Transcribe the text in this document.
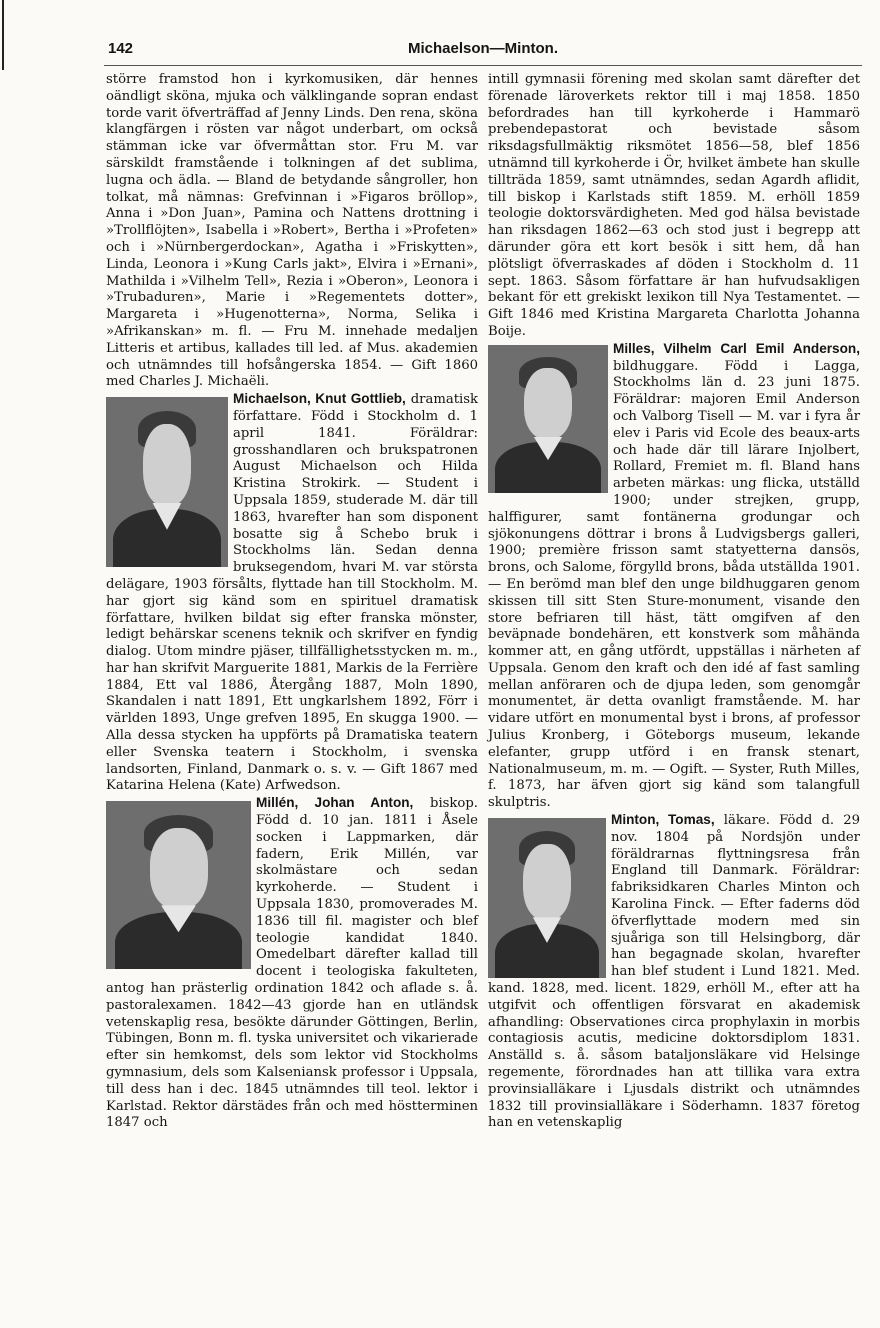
142	Michaelson—Minton.

större framstod hon i kyrkomusiken, där hennes oändligt sköna, mjuka och välklingande sopran endast torde varit öfverträffad af Jenny Linds. Den rena, sköna klangfärgen i rösten var något underbart, om också stämman icke var öfvermåttan stor. Fru M. var särskildt framstående i tolkningen af det sublima, lugna och ädla. — Bland de betydande sångroller, hon tolkat, må nämnas: Grefvinnan i »Figaros bröllop», Anna i »Don Juan», Pamina och Nattens drottning i »Trollflöjten», Isabella i »Robert», Bertha i »Profeten» och i »Nürnbergerdockan», Agatha i »Friskytten», Linda, Leonora i »Kung Carls jakt», Elvira i »Ernani», Mathilda i »Vilhelm Tell», Rezia i »Oberon», Leonora i »Trubaduren», Marie i »Regementets dotter», Margareta i »Hugenotterna», Norma, Selika i »Afrikanskan» m. fl. — Fru M. innehade medaljen Litteris et artibus, kallades till led. af Mus. akademien och utnämndes till hofsångerska 1854. — Gift 1860 med Charles J. Michaëli.

Michaelson, Knut Gottlieb, dramatisk författare. Född i Stockholm d. 1 april 1841. Föräldrar: grosshandlaren och brukspatronen August Michaelson och Hilda Kristina Strokirk. — Student i Uppsala 1859, studerade M. där till 1863, hvarefter han som disponent bosatte sig å Schebo bruk i Stockholms län. Sedan denna bruksegendom, hvari M. var största delägare, 1903 försålts, flyttade han till Stockholm. M. har gjort sig känd som en spirituel dramatisk författare, hvilken bildat sig efter franska mönster, ledigt behärskar scenens teknik och skrifver en fyndig dialog. Utom mindre pjäser, tillfällighetsstycken m. m., har han skrifvit Marguerite 1881, Markis de la Ferrière 1884, Ett val 1886, Återgång 1887, Moln 1890, Skandalen i natt 1891, Ett ungkarlshem 1892, Förr i världen 1893, Unge grefven 1895, En skugga 1900. — Alla dessa stycken ha uppförts på Dramatiska teatern eller Svenska teatern i Stockholm, i svenska landsorten, Finland, Danmark o. s. v. — Gift 1867 med Katarina Helena (Kate) Arfwedson.

Millén, Johan Anton, biskop. Född d. 10 jan. 1811 i Åsele socken i Lappmarken, där fadern, Erik Millén, var skolmästare och sedan kyrkoherde. — Student i Uppsala 1830, promoverades M. 1836 till fil. magister och blef teologie kandidat 1840. Omedelbart därefter kallad till docent i teologiska fakulteten, antog han prästerlig ordination 1842 och aflade s. å. pastoralexamen. 1842—43 gjorde han en utländsk vetenskaplig resa, besökte därunder Göttingen, Berlin, Tübingen, Bonn m. fl. tyska universitet och vikarierade efter sin hemkomst, dels som lektor vid Stockholms gymnasium, dels som Kalseniansk professor i Uppsala, till dess han i dec. 1845 utnämndes till teol. lektor i Karlstad. Rektor därstädes från och med höstterminen 1847 och

intill gymnasii förening med skolan samt därefter det förenade läroverkets rektor till i maj 1858. 1850 befordrades han till kyrkoherde i Hammarö prebendepastorat och bevistade såsom riksdagsfullmäktig riksmötet 1856—58, blef 1856 utnämnd till kyrkoherde i Ör, hvilket ämbete han skulle tillträda 1859, samt utnämndes, sedan Agardh aflidit, till biskop i Karlstads stift 1859. M. erhöll 1859 teologie doktorsvärdigheten. Med god hälsa bevistade han riksdagen 1862—63 och stod just i begrepp att därunder göra ett kort besök i sitt hem, då han plötsligt öfverraskades af döden i Stockholm d. 11 sept. 1863. Såsom författare är han hufvudsakligen bekant för ett grekiskt lexikon till Nya Testamentet. — Gift 1846 med Kristina Margareta Charlotta Johanna Boije.

Milles, Vilhelm Carl Emil Anderson,
bildhuggare. Född i Lagga, Stockholms län d. 23 juni 1875. Föräldrar: majoren Emil Anderson och Valborg Tisell — M. var i fyra år elev i Paris vid Ecole des beaux-arts och hade där till lärare Injolbert, Rollard, Fremiet m. fl. Bland hans arbeten märkas: ung flicka, utställd 1900; under strejken, grupp, halffigurer, samt fontänerna grodungar och sjökonungens döttrar i brons å Ludvigsbergs galleri, 1900; première frisson samt statyetterna dansös, brons, och Salome, förgylld brons, båda utställda 1901. — En berömd man blef den unge bildhuggaren genom skissen till sitt Sten Sture-monument, visande den store befriaren till häst, tätt omgifven af den beväpnade bondehären, ett konstverk som måhända kommer att, en gång utfördt, uppställas i närheten af Uppsala. Genom den kraft och den idé af fast samling mellan anföraren och de djupa leden, som genomgår monumentet, är detta ovanligt framstående. M. har vidare utfört en monumental byst i brons, af professor Julius Kronberg, i Göteborgs museum, lekande elefanter, grupp utförd i en fransk stenart, Nationalmuseum, m. m. — Ogift. — Syster, Ruth Milles, f. 1873, har äfven gjort sig känd som talangfull skulptris.

Minton, Tomas, läkare. Född d. 29 nov. 1804 på Nordsjön under föräldrarnas flyttningsresa från England till Danmark. Föräldrar: fabriksidkaren Charles Minton och Karolina Finck. — Efter faderns död öfverflyttade modern med sin sjuåriga son till Helsingborg, där han begagnade skolan, hvarefter han blef student i Lund 1821. Med. kand. 1828, med. licent. 1829, erhöll M., efter att ha utgifvit och offentligen försvarat en akademisk afhandling: Observationes circa prophylaxin in morbis contagiosis acutis, medicine doktorsdiplom 1831. Anställd s. å. såsom bataljonsläkare vid Helsinge regemente, förordnades han att tillika vara extra provinsialläkare i Ljusdals distrikt och utnämndes 1832 till provinsialläkare i Söderhamn. 1837 företog han en vetenskaplig
